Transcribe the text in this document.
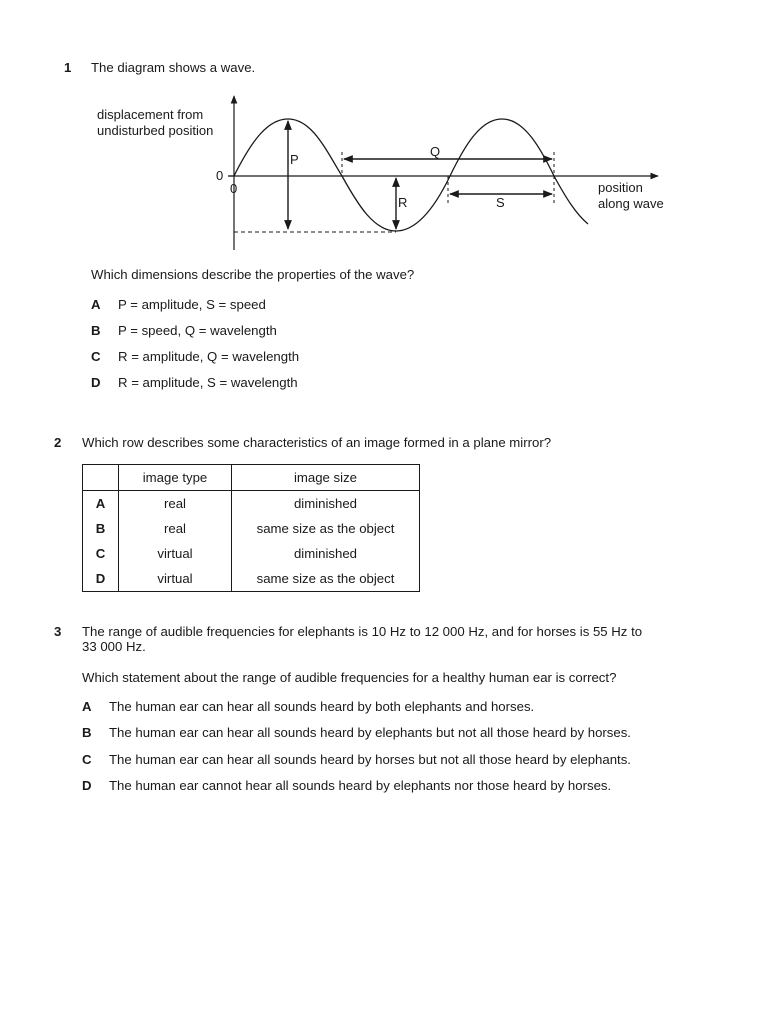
1 The diagram shows a wave.
displacement from
undisturbed position
position
along wave
0
0
P
Q
R	S
Which dimensions describe the properties of the wave?
A P = amplitude, S = speed
B P = speed, Q = wavelength
C R = amplitude, Q = wavelength
D R = amplitude, S = wavelength
2 Which row describes some characteristics of an image formed in a plane mirror?
	image type	image size
A	real	diminished
B	real	same size as the object
C	virtual	diminished
D	virtual	same size as the object
3 The range of audible frequencies for elephants is 10 Hz to 12 000 Hz, and for horses is 55 Hz to
33 000 Hz.
Which statement about the range of audible frequencies for a healthy human ear is correct?
A The human ear can hear all sounds heard by both elephants and horses.
B The human ear can hear all sounds heard by elephants but not all those heard by horses.
C The human ear can hear all sounds heard by horses but not all those heard by elephants.
D The human ear cannot hear all sounds heard by elephants nor those heard by horses.
